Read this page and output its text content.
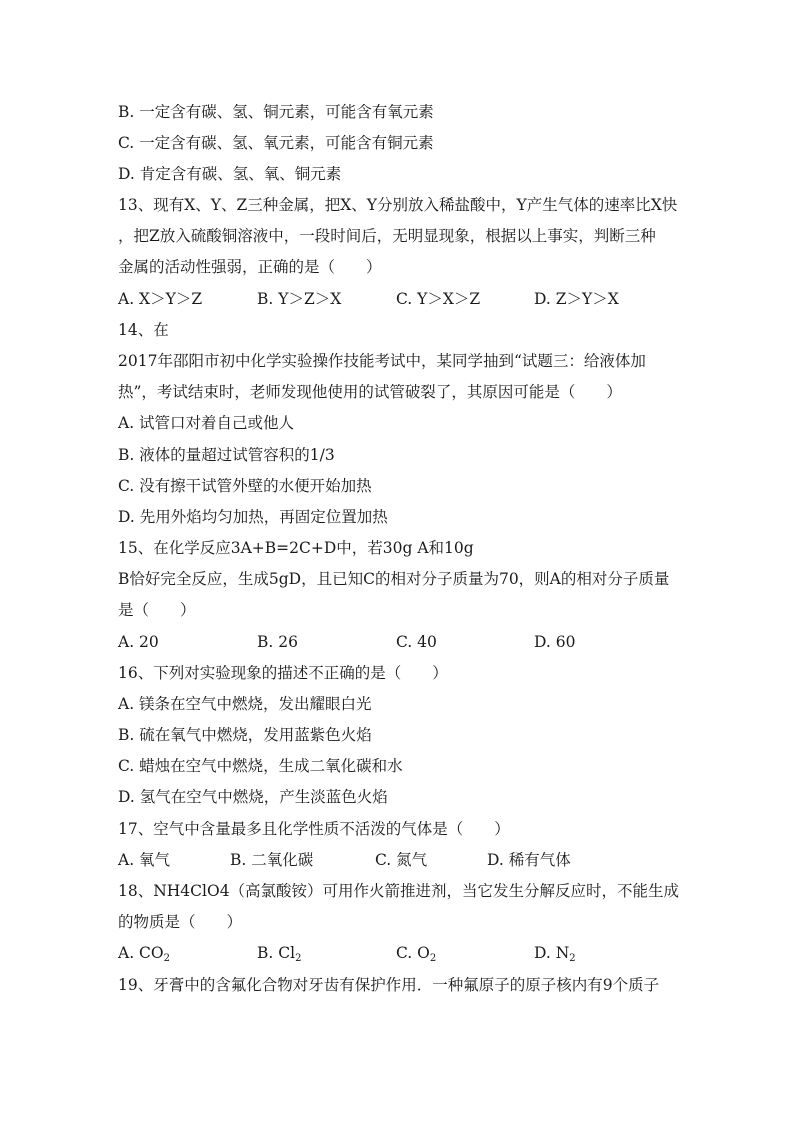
B. 一定含有碳、氢、铜元素，可能含有氧元素
C. 一定含有碳、氢、氧元素，可能含有铜元素
D. 肯定含有碳、氢、氧、铜元素
13、现有X、Y、Z三种金属，把X、Y分别放入稀盐酸中，Y产生气体的速率比X快
，把Z放入硫酸铜溶液中，一段时间后，无明显现象，根据以上事实，判断三种
金属的活动性强弱，正确的是（　　）
A. X＞Y＞Z	B. Y＞Z＞X	C. Y＞X＞Z	D. Z＞Y＞X
14、在
2017年邵阳市初中化学实验操作技能考试中，某同学抽到“试题三：给液体加
热”，考试结束时，老师发现他使用的试管破裂了，其原因可能是（　　）
A. 试管口对着自己或他人
B. 液体的量超过试管容积的1/3
C. 没有擦干试管外壁的水便开始加热
D. 先用外焰均匀加热，再固定位置加热
15、在化学反应3A+B=2C+D中，若30g A和10g
B恰好完全反应，生成5gD，且已知C的相对分子质量为70，则A的相对分子质量
是（　　）
A. 20	B. 26	C. 40	D. 60
16、下列对实验现象的描述不正确的是（　　）
A. 镁条在空气中燃烧，发出耀眼白光
B. 硫在氧气中燃烧，发用蓝紫色火焰
C. 蜡烛在空气中燃烧，生成二氧化碳和水
D. 氢气在空气中燃烧，产生淡蓝色火焰
17、空气中含量最多且化学性质不活泼的气体是（　　）
A. 氧气	B. 二氧化碳	C. 氮气	D. 稀有气体
18、NH4ClO4（高氯酸铵）可用作火箭推进剂，当它发生分解反应时，不能生成
的物质是（　　）
A. $CO_2$	B. $Cl_2$	C. $O_2$	D. $N_2$
19、牙膏中的含氟化合物对牙齿有保护作用．一种氟原子的原子核内有9个质子
